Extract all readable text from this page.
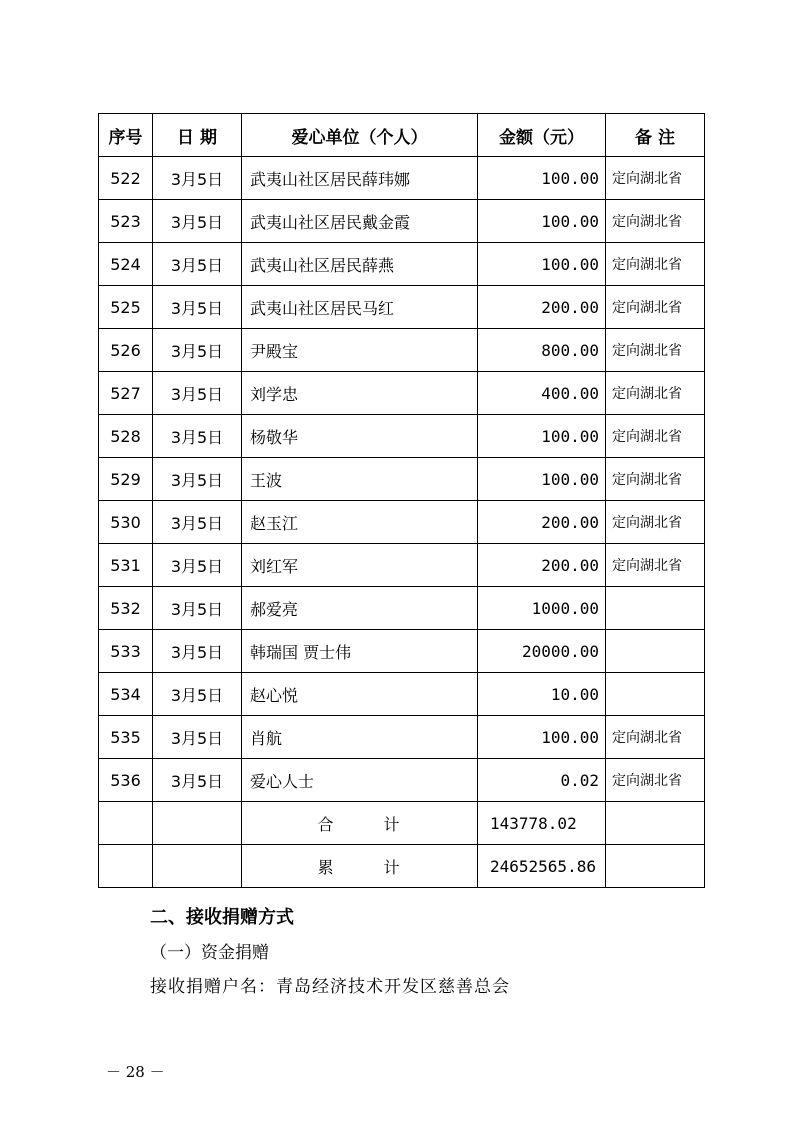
序号	日 期	爱心单位（个人）	金额（元）	备 注
522	3月5日	武夷山社区居民薛玮娜	100.00	定向湖北省
523	3月5日	武夷山社区居民戴金霞	100.00	定向湖北省
524	3月5日	武夷山社区居民薛燕	100.00	定向湖北省
525	3月5日	武夷山社区居民马红	200.00	定向湖北省
526	3月5日	尹殿宝	800.00	定向湖北省
527	3月5日	刘学忠	400.00	定向湖北省
528	3月5日	杨敬华	100.00	定向湖北省
529	3月5日	王波	100.00	定向湖北省
530	3月5日	赵玉江	200.00	定向湖北省
531	3月5日	刘红军	200.00	定向湖北省
532	3月5日	郝爱亮	1000.00	
533	3月5日	韩瑞国 贾士伟	20000.00	
534	3月5日	赵心悦	10.00	
535	3月5日	肖航	100.00	定向湖北省
536	3月5日	爱心人士	0.02	定向湖北省
		合 计	143778.02	
		累 计	24652565.86	
二、接收捐赠方式
（一）资金捐赠
接收捐赠户名：青岛经济技术开发区慈善总会
－ 28 －
